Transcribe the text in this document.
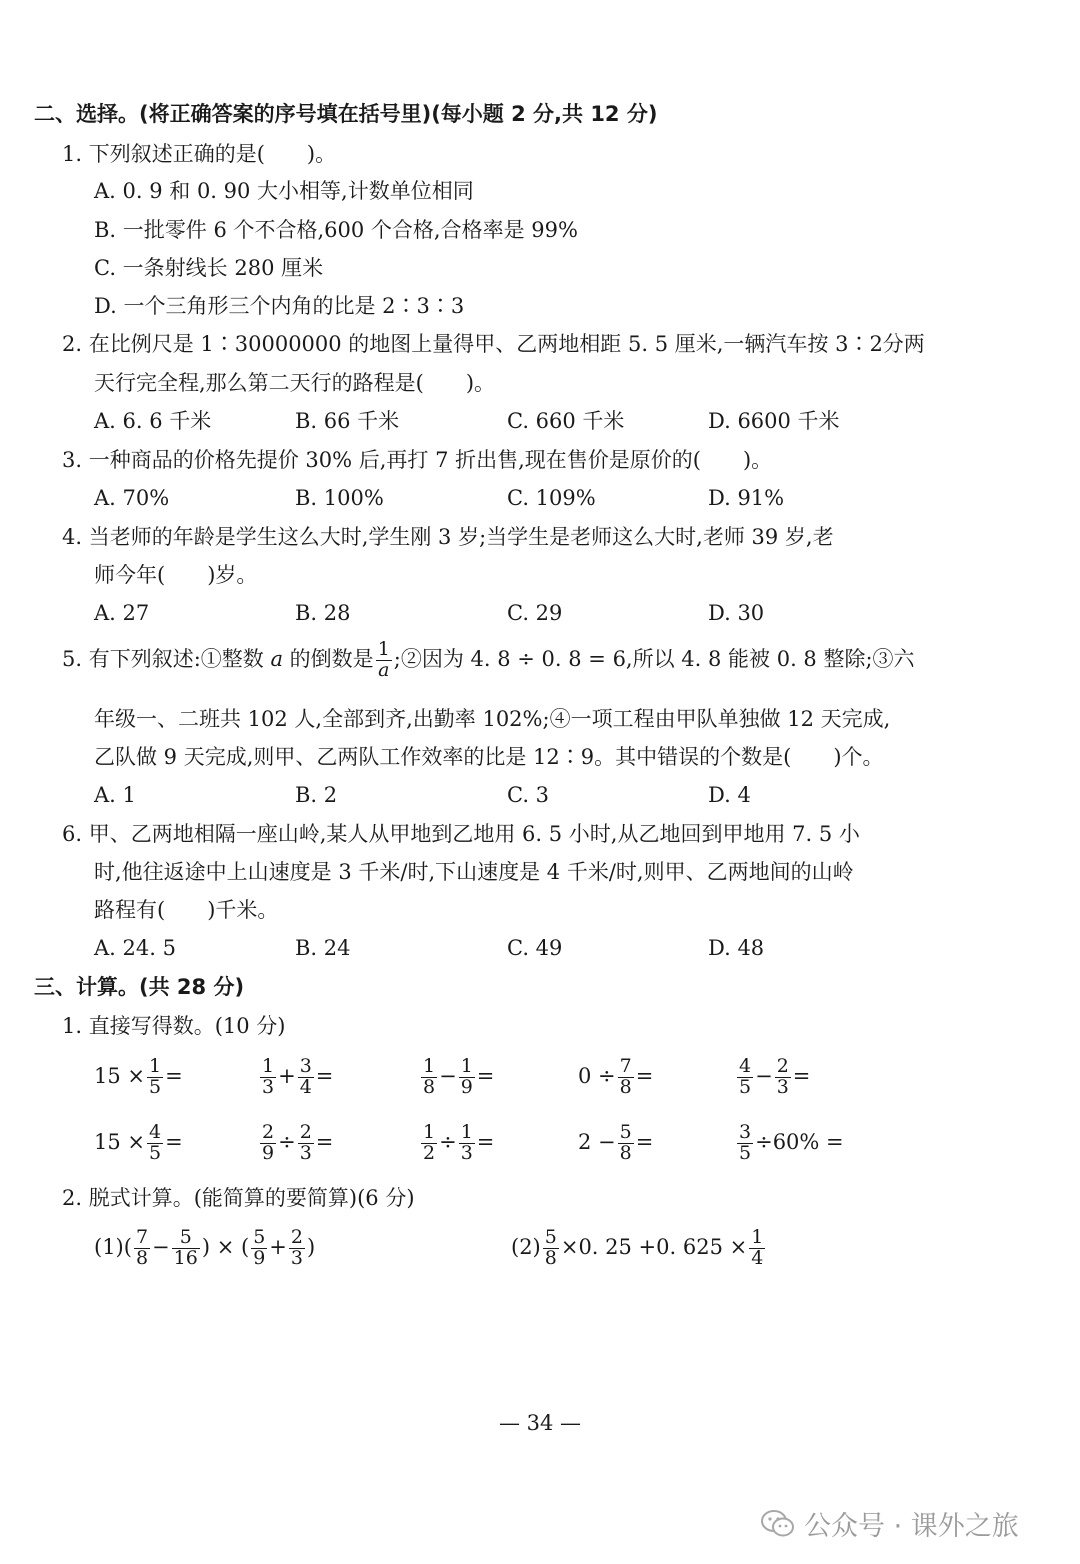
二、选择。(将正确答案的序号填在括号里)(每小题 2 分,共 12 分)
1. 下列叙述正确的是(　　)。
A. 0. 9 和 0. 90 大小相等,计数单位相同
B. 一批零件 6 个不合格,600 个合格,合格率是 99%
C. 一条射线长 280 厘米
D. 一个三角形三个内角的比是 2∶3∶3
2. 在比例尺是 1∶30000000 的地图上量得甲、乙两地相距 5. 5 厘米,一辆汽车按 3∶2分两
天行完全程,那么第二天行的路程是(　　)。
A. 6. 6 千米	B. 66 千米	C. 660 千米	D. 6600 千米
3. 一种商品的价格先提价 30% 后,再打 7 折出售,现在售价是原价的(　　)。
A. 70%	B. 100%	C. 109%	D. 91%
4. 当老师的年龄是学生这么大时,学生刚 3 岁;当学生是老师这么大时,老师 39 岁,老
师今年(　　)岁。
A. 27	B. 28	C. 29	D. 30
5. 有下列叙述:①整数 a 的倒数是 $\frac{1}{a}$ ;②因为 4. 8 ÷ 0. 8 = 6,所以 4. 8 能被 0. 8 整除;③六
年级一、二班共 102 人,全部到齐,出勤率 102%;④一项工程由甲队单独做 12 天完成,
乙队做 9 天完成,则甲、乙两队工作效率的比是 12∶9。其中错误的个数是(　　)个。
A. 1	B. 2	C. 3	D. 4
6. 甲、乙两地相隔一座山岭,某人从甲地到乙地用 6. 5 小时,从乙地回到甲地用 7. 5 小
时,他往返途中上山速度是 3 千米/时,下山速度是 4 千米/时,则甲、乙两地间的山岭
路程有(　　)千米。
A. 24. 5	B. 24	C. 49	D. 48
三、计算。(共 28 分)
1. 直接写得数。(10 分)
$15 \times \frac{1}{5}$ =	$\frac{1}{3} + \frac{3}{4}$ =	$\frac{1}{8} - \frac{1}{9}$ =	$0 \div \frac{7}{8}$ =	$\frac{4}{5} - \frac{2}{3}$ =
$15 \times \frac{4}{5}$ =	$\frac{2}{9} \div \frac{2}{3}$ =	$\frac{1}{2} \div \frac{1}{3}$ =	$2 - \frac{5}{8}$ =	$\frac{3}{5} \div 60\%$ =
2. 脱式计算。(能简算的要简算)(6 分)
$(1)( \frac{7}{8} - \frac{5}{16}$ ) × ( $\frac{5}{9} + \frac{2}{3}$ )	$(2) \frac{5}{8} \times 0$. 25 +0. $625 \times \frac{1}{4}$
— 34 —
公众号 · 课外之旅
